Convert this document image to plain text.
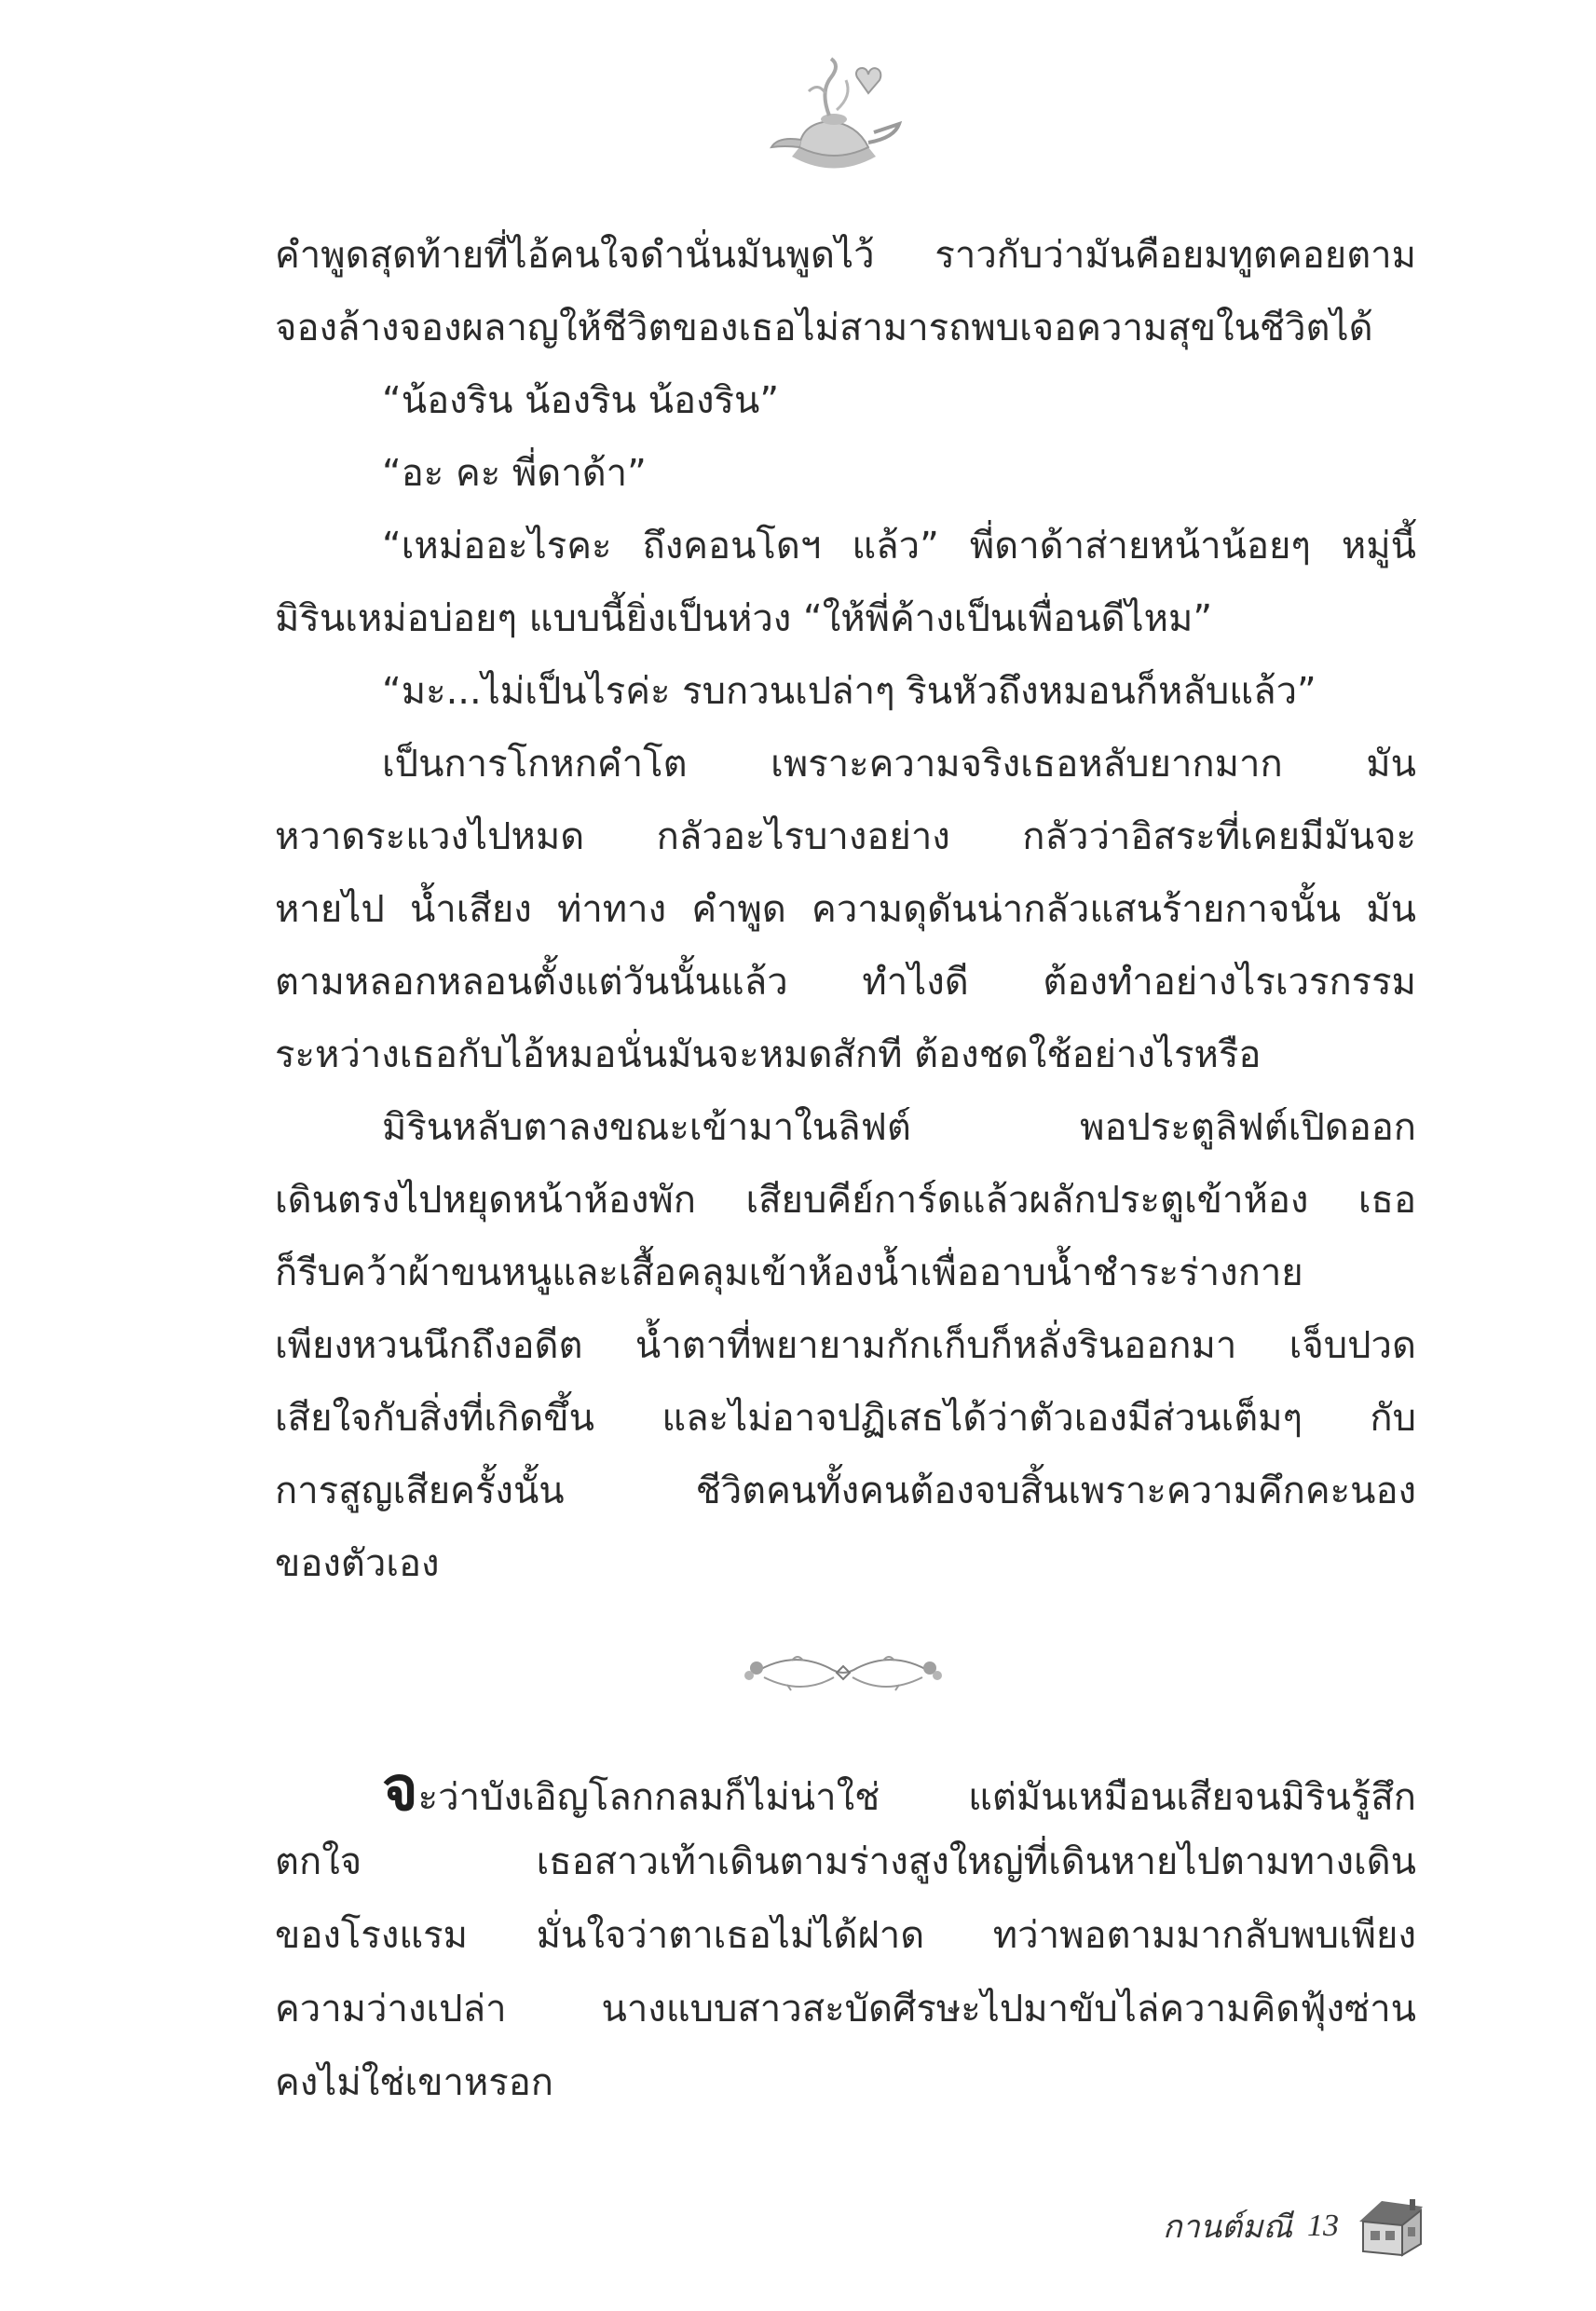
คำพูดสุดท้ายที่ไอ้คนใจดำนั่นมันพูดไว้ ราวกับว่ามันคือยมทูตคอยตาม
จองล้างจองผลาญให้ชีวิตของเธอไม่สามารถพบเจอความสุขในชีวิตได้
“น้องริน น้องริน น้องริน”
“อะ คะ พี่ดาด้า”
“เหม่ออะไรคะ ถึงคอนโดฯ แล้ว” พี่ดาด้าส่ายหน้าน้อยๆ หมู่นี้
มิรินเหม่อบ่อยๆ แบบนี้ยิ่งเป็นห่วง “ให้พี่ค้างเป็นเพื่อนดีไหม”
“มะ...ไม่เป็นไรค่ะ รบกวนเปล่าๆ รินหัวถึงหมอนก็หลับแล้ว”
เป็นการโกหกคำโต เพราะความจริงเธอหลับยากมาก มัน
หวาดระแวงไปหมด กลัวอะไรบางอย่าง กลัวว่าอิสระที่เคยมีมันจะ
หายไป น้ำเสียง ท่าทาง คำพูด ความดุดันน่ากลัวแสนร้ายกาจนั้น มัน
ตามหลอกหลอนตั้งแต่วันนั้นแล้ว ทำไงดี ต้องทำอย่างไรเวรกรรม
ระหว่างเธอกับไอ้หมอนั่นมันจะหมดสักที ต้องชดใช้อย่างไรหรือ
มิรินหลับตาลงขณะเข้ามาในลิฟต์ พอประตูลิฟต์เปิดออก
เดินตรงไปหยุดหน้าห้องพัก เสียบคีย์การ์ดแล้วผลักประตูเข้าห้อง เธอ
ก็รีบคว้าผ้าขนหนูและเสื้อคลุมเข้าห้องน้ำเพื่ออาบน้ำชำระร่างกาย
เพียงหวนนึกถึงอดีต น้ำตาที่พยายามกักเก็บก็หลั่งรินออกมา เจ็บปวด
เสียใจกับสิ่งที่เกิดขึ้น และไม่อาจปฏิเสธได้ว่าตัวเองมีส่วนเต็มๆ กับ
การสูญเสียครั้งนั้น ชีวิตคนทั้งคนต้องจบสิ้นเพราะความคึกคะนอง
ของตัวเอง
จะว่าบังเอิญโลกกลมก็ไม่น่าใช่ แต่มันเหมือนเสียจนมิรินรู้สึก
ตกใจ เธอสาวเท้าเดินตามร่างสูงใหญ่ที่เดินหายไปตามทางเดิน
ของโรงแรม มั่นใจว่าตาเธอไม่ได้ฝาด ทว่าพอตามมากลับพบเพียง
ความว่างเปล่า นางแบบสาวสะบัดศีรษะไปมาขับไล่ความคิดฟุ้งซ่าน
คงไม่ใช่เขาหรอก
กานต์มณี 13
